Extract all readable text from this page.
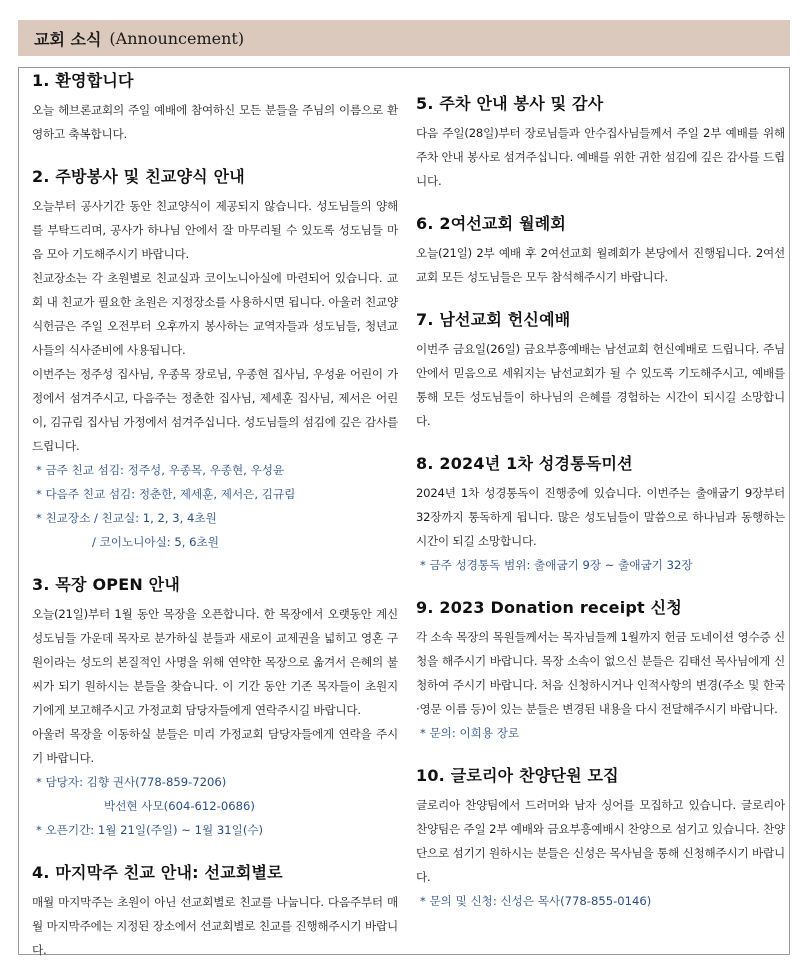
교회 소식 (Announcement)
1. 환영합니다

오늘 헤브론교회의 주일 예배에 참여하신 모든 분들을 주님의 이름으로 환영하고 축복합니다.

2. 주방봉사 및 친교양식 안내

오늘부터 공사기간 동안 친교양식이 제공되지 않습니다. 성도님들의 양해를 부탁드리며, 공사가 하나님 안에서 잘 마무리될 수 있도록 성도님들 마음 모아 기도해주시기 바랍니다.

친교장소는 각 초원별로 친교실과 코이노니아실에 마련되어 있습니다. 교회 내 친교가 필요한 초원은 지정장소를 사용하시면 됩니다. 아울러 친교양식헌금은 주일 오전부터 오후까지 봉사하는 교역자들과 성도님들, 청년교사들의 식사준비에 사용됩니다.

이번주는 정주성 집사님, 우종목 장로님, 우종현 집사님, 우성윤 어린이 가정에서 섬겨주시고, 다음주는 정춘한 집사님, 제세훈 집사님, 제서은 어린이, 김규림 집사님 가정에서 섬겨주십니다. 성도님들의 섬김에 깊은 감사를 드립니다.

* 금주 친교 섬김: 정주성, 우종목, 우종현, 우성윤
* 다음주 친교 섬김: 정춘한, 제세훈, 제서은, 김규림
* 친교장소 / 친교실: 1, 2, 3, 4초원
/ 코이노니아실: 5, 6초원
3. 목장 OPEN 안내

오늘(21일)부터 1월 동안 목장을 오픈합니다. 한 목장에서 오랫동안 계신 성도님들 가운데 목자로 분가하실 분들과 새로이 교제권을 넓히고 영혼 구원이라는 성도의 본질적인 사명을 위해 연약한 목장으로 옮겨서 은혜의 불씨가 되기 원하시는 분들을 찾습니다. 이 기간 동안 기존 목자들이 초원지기에게 보고해주시고 가정교회 담당자들에게 연락주시길 바랍니다.

아울러 목장을 이동하실 분들은 미리 가정교회 담당자들에게 연락을 주시기 바랍니다.

* 담당자: 김향 권사(778-859-7206)
박선현 사모(604-612-0686)
* 오픈기간: 1월 21일(주일) ~ 1월 31일(수)
4. 마지막주 친교 안내: 선교회별로

매월 마지막주는 초원이 아닌 선교회별로 친교를 나눕니다. 다음주부터 매월 마지막주에는 지정된 장소에서 선교회별로 친교를 진행해주시기 바랍니다.

5. 주차 안내 봉사 및 감사

다음 주일(28일)부터 장로님들과 안수집사님들께서 주일 2부 예배를 위해 주차 안내 봉사로 섬겨주십니다. 예배를 위한 귀한 섬김에 깊은 감사를 드립니다.

6. 2여선교회 월례회

오늘(21일) 2부 예배 후 2여선교회 월례회가 본당에서 진행됩니다. 2여선교회 모든 성도님들은 모두 참석해주시기 바랍니다.

7. 남선교회 헌신예배

이번주 금요일(26일) 금요부흥예배는 남선교회 헌신예배로 드립니다. 주님 안에서 믿음으로 세워지는 남선교회가 될 수 있도록 기도해주시고, 예배를 통해 모든 성도님들이 하나님의 은혜를 경험하는 시간이 되시길 소망합니다.

8. 2024년 1차 성경통독미션

2024년 1차 성경통독이 진행중에 있습니다. 이번주는 출애굽기 9장부터 32장까지 통독하게 됩니다. 많은 성도님들이 말씀으로 하나님과 동행하는 시간이 되길 소망합니다.

* 금주 성경통독 범위: 출애굽기 9장 ~ 출애굽기 32장
9. 2023 Donation receipt 신청

각 소속 목장의 목원들께서는 목자님들께 1월까지 헌금 도네이션 영수증 신청을 해주시기 바랍니다. 목장 소속이 없으신 분들은 김태선 목사님에게 신청하여 주시기 바랍니다. 처음 신청하시거나 인적사항의 변경(주소 및 한국·영문 이름 등)이 있는 분들은 변경된 내용을 다시 전달해주시기 바랍니다.

* 문의: 이희용 장로
10. 글로리아 찬양단원 모집

글로리아 찬양팀에서 드러머와 남자 싱어를 모집하고 있습니다. 글로리아 찬양팀은 주일 2부 예배와 금요부흥예배시 찬양으로 섬기고 있습니다. 찬양단으로 섬기기 원하시는 분들은 신성은 목사님을 통해 신청해주시기 바랍니다.

* 문의 및 신청: 신성은 목사(778-855-0146)
